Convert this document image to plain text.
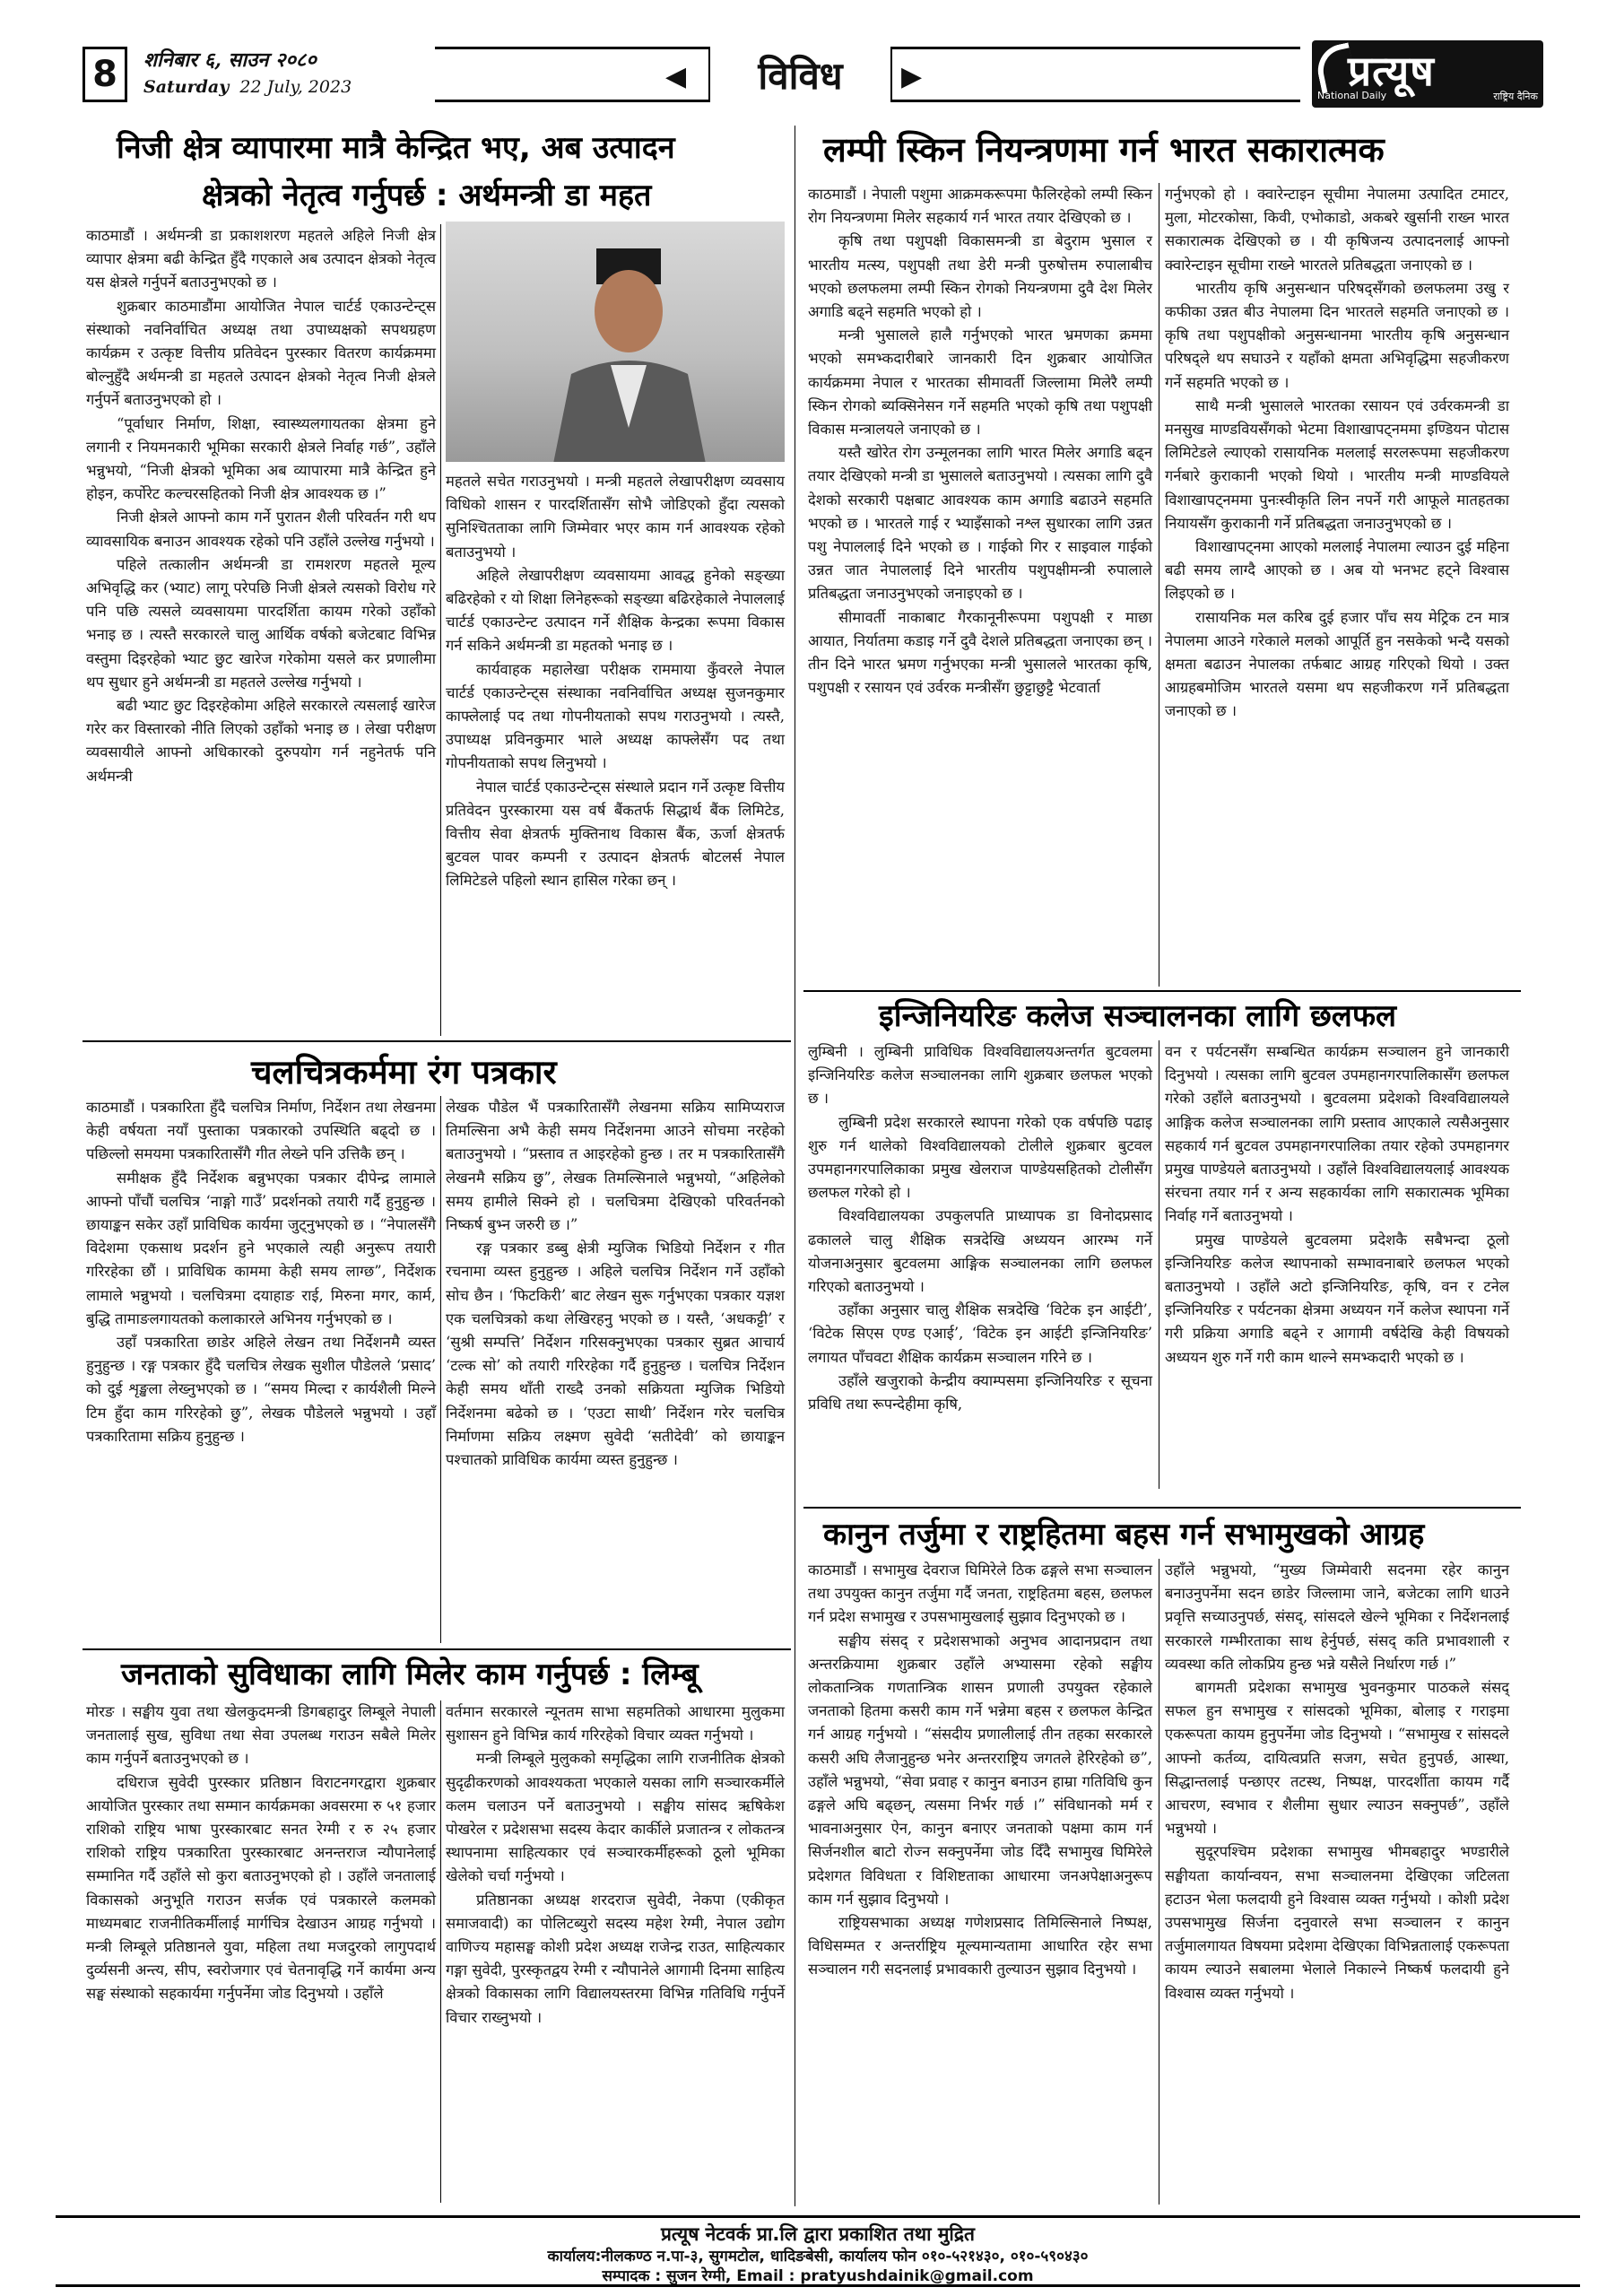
8	शनिबार ६, साउन २०८०
Saturday 22 July, 2023	◀	विविध	▶	प्रत्यूष
National Daily	राष्ट्रिय दैनिक
निजी क्षेत्र व्यापारमा मात्रै केन्द्रित भए, अब उत्पादन
क्षेत्रको नेतृत्व गर्नुपर्छ : अर्थमन्त्री डा महत

काठमाडौं । अर्थमन्त्री डा प्रकाशशरण महतले अहिले निजी क्षेत्र व्यापार क्षेत्रमा बढी केन्द्रित हुँदै गएकाले अब उत्पादन क्षेत्रको नेतृत्व यस क्षेत्रले गर्नुपर्ने बताउनुभएको छ ।

शुक्रबार काठमाडौंमा आयोजित नेपाल चार्टर्ड एकाउन्टेन्ट्स संस्थाको नवनिर्वाचित अध्यक्ष तथा उपाध्यक्षको सपथग्रहण कार्यक्रम र उत्कृष्ट वित्तीय प्रतिवेदन पुरस्कार वितरण कार्यक्रममा बोल्नुहुँदै अर्थमन्त्री डा महतले उत्पादन क्षेत्रको नेतृत्व निजी क्षेत्रले गर्नुपर्ने बताउनुभएको हो ।

“पूर्वाधार निर्माण, शिक्षा, स्वास्थ्यलगायतका क्षेत्रमा हुने लगानी र नियमनकारी भूमिका सरकारी क्षेत्रले निर्वाह गर्छ”, उहाँले भन्नुभयो, “निजी क्षेत्रको भूमिका अब व्यापारमा मात्रै केन्द्रित हुने होइन, कर्पोरेट कल्चरसहितको निजी क्षेत्र आवश्यक छ ।”

निजी क्षेत्रले आफ्नो काम गर्ने पुरातन शैली परिवर्तन गरी थप व्यावसायिक बनाउन आवश्यक रहेको पनि उहाँले उल्लेख गर्नुभयो ।

पहिले तत्कालीन अर्थमन्त्री डा रामशरण महतले मूल्य अभिवृद्धि कर (भ्याट) लागू परेपछि निजी क्षेत्रले त्यसको विरोध गरे पनि पछि त्यसले व्यवसायमा पारदर्शिता कायम गरेको उहाँको भनाइ छ । त्यस्तै सरकारले चालु आर्थिक वर्षको बजेटबाट विभिन्न वस्तुमा दिइरहेको भ्याट छुट खारेज गरेकोमा यसले कर प्रणालीमा थप सुधार हुने अर्थमन्त्री डा महतले उल्लेख गर्नुभयो ।

बढी भ्याट छुट दिइरहेकोमा अहिले सरकारले त्यसलाई खारेज गरेर कर विस्तारको नीति लिएको उहाँको भनाइ छ । लेखा परीक्षण व्यवसायीले आफ्नो अधिकारको दुरुपयोग गर्न नहुनेतर्फ पनि अर्थमन्त्री

महतले सचेत गराउनुभयो । मन्त्री महतले लेखापरीक्षण व्यवसाय विधिको शासन र पारदर्शितासँग सोभै जोडिएको हुँदा त्यसको सुनिश्चितताका लागि जिम्मेवार भएर काम गर्न आवश्यक रहेको बताउनुभयो ।

अहिले लेखापरीक्षण व्यवसायमा आवद्ध हुनेको सङ्ख्या बढिरहेको र यो शिक्षा लिनेहरूको सङ्ख्या बढिरहेकाले नेपाललाई चार्टर्ड एकाउन्टेन्ट उत्पादन गर्ने शैक्षिक केन्द्रका रूपमा विकास गर्न सकिने अर्थमन्त्री डा महतको भनाइ छ ।

कार्यवाहक महालेखा परीक्षक राममाया कुँवरले नेपाल चार्टर्ड एकाउन्टेन्ट्स संस्थाका नवनिर्वाचित अध्यक्ष सुजनकुमार काफ्लेलाई पद तथा गोपनीयताको सपथ गराउनुभयो । त्यस्तै, उपाध्यक्ष प्रविनकुमार भाले अध्यक्ष काफ्लेसँग पद तथा गोपनीयताको सपथ लिनुभयो ।

नेपाल चार्टर्ड एकाउन्टेन्ट्स संस्थाले प्रदान गर्ने उत्कृष्ट वित्तीय प्रतिवेदन पुरस्कारमा यस वर्ष बैंकतर्फ सिद्धार्थ बैंक लिमिटेड, वित्तीय सेवा क्षेत्रतर्फ मुक्तिनाथ विकास बैंक, ऊर्जा क्षेत्रतर्फ बुटवल पावर कम्पनी र उत्पादन क्षेत्रतर्फ बोटलर्स नेपाल लिमिटेडले पहिलो स्थान हासिल गरेका छन् ।

चलचित्रकर्ममा रंग पत्रकार

काठमाडौं । पत्रकारिता हुँदै चलचित्र निर्माण, निर्देशन तथा लेखनमा केही वर्षयता नयाँ पुस्ताका पत्रकारको उपस्थिति बढ्दो छ । पछिल्लो समयमा पत्रकारितासँगै गीत लेख्ने पनि उत्तिकै छन् ।

समीक्षक हुँदै निर्देशक बन्नुभएका पत्रकार दीपेन्द्र लामाले आफ्नो पाँचौं चलचित्र ‘नाङ्गो गाउँ’ प्रदर्शनको तयारी गर्दै हुनुहुन्छ । छायाङ्कन सकेर उहाँ प्राविधिक कार्यमा जुट्नुभएको छ । “नेपालसँगै विदेशमा एकसाथ प्रदर्शन हुने भएकाले त्यही अनुरूप तयारी गरिरहेका छौं । प्राविधिक काममा केही समय लाग्छ”, निर्देशक लामाले भन्नुभयो । चलचित्रमा दयाहाङ राई, मिरुना मगर, कार्म, बुद्धि तामाङलगायतको कलाकारले अभिनय गर्नुभएको छ ।

उहाँ पत्रकारिता छाडेर अहिले लेखन तथा निर्देशनमै व्यस्त हुनुहुन्छ । रङ्ग पत्रकार हुँदै चलचित्र लेखक सुशील पौडेलले ‘प्रसाद’ को दुई शृङ्खला लेख्नुभएको छ । “समय मिल्दा र कार्यशैली मिल्ने टिम हुँदा काम गरिरहेको छु”, लेखक पौडेलले भन्नुभयो । उहाँ पत्रकारितामा सक्रिय हुनुहुन्छ ।

लेखक पौडेल भैं पत्रकारितासँगै लेखनमा सक्रिय सामिप्यराज तिमल्सिना अभै केही समय निर्देशनमा आउने सोचमा नरहेको बताउनुभयो । “प्रस्ताव त आइरहेको हुन्छ । तर म पत्रकारितासँगै लेखनमै सक्रिय छु”, लेखक तिमल्सिनाले भन्नुभयो, “अहिलेको समय हामीले सिक्ने हो । चलचित्रमा देखिएको परिवर्तनको निष्कर्ष बुभ्न जरुरी छ ।”

रङ्ग पत्रकार डब्बु क्षेत्री म्युजिक भिडियो निर्देशन र गीत रचनामा व्यस्त हुनुहुन्छ । अहिले चलचित्र निर्देशन गर्ने उहाँको सोच छैन । ‘फिटकिरी’ बाट लेखन सुरू गर्नुभएका पत्रकार यज्ञश एक चलचित्रको कथा लेखिरहनु भएको छ । यस्तै, ‘अधकट्टी’ र ‘सुश्री सम्पत्ति’ निर्देशन गरिसक्नुभएका पत्रकार सुब्रत आचार्य ‘टल्क सो’ को तयारी गरिरहेका गर्दै हुनुहुन्छ । चलचित्र निर्देशन केही समय थाँती राख्दै उनको सक्रियता म्युजिक भिडियो निर्देशनमा बढेको छ । ‘एउटा साथी’ निर्देशन गरेर चलचित्र निर्माणमा सक्रिय लक्ष्मण सुवेदी ‘सतीदेवी’ को छायाङ्कन पश्चातको प्राविधिक कार्यमा व्यस्त हुनुहुन्छ ।

जनताको सुविधाका लागि मिलेर काम गर्नुपर्छ : लिम्बू

मोरङ । सङ्घीय युवा तथा खेलकुदमन्त्री डिगबहादुर लिम्बूले नेपाली जनतालाई सुख, सुविधा तथा सेवा उपलब्ध गराउन सबैले मिलेर काम गर्नुपर्ने बताउनुभएको छ ।

दधिराज सुवेदी पुरस्कार प्रतिष्ठान विराटनगरद्वारा शुक्रबार आयोजित पुरस्कार तथा सम्मान कार्यक्रमका अवसरमा रु ५१ हजार राशिको राष्ट्रिय भाषा पुरस्कारबाट सनत रेग्मी र रु २५ हजार राशिको राष्ट्रिय पत्रकारिता पुरस्कारबाट अनन्तराज न्यौपानेलाई सम्मानित गर्दै उहाँले सो कुरा बताउनुभएको हो । उहाँले जनतालाई विकासको अनुभूति गराउन सर्जक एवं पत्रकारले कलमको माध्यमबाट राजनीतिकर्मीलाई मार्गचित्र देखाउन आग्रह गर्नुभयो । मन्त्री लिम्बूले प्रतिष्ठानले युवा, महिला तथा मजदुरको लागुपदार्थ दुर्व्यसनी अन्त्य, सीप, स्वरोजगार एवं चेतनावृद्धि गर्ने कार्यमा अन्य सङ्घ संस्थाको सहकार्यमा गर्नुपर्नेमा जोड दिनुभयो । उहाँले

वर्तमान सरकारले न्यूनतम साभा सहमतिको आधारमा मुलुकमा सुशासन हुने विभिन्न कार्य गरिरहेको विचार व्यक्त गर्नुभयो ।

मन्त्री लिम्बूले मुलुकको समृद्धिका लागि राजनीतिक क्षेत्रको सुदृढीकरणको आवश्यकता भएकाले यसका लागि सञ्चारकर्मीले कलम चलाउन पर्ने बताउनुभयो । सङ्घीय सांसद ऋषिकेश पोखरेल र प्रदेशसभा सदस्य केदार कार्कीले प्रजातन्त्र र लोकतन्त्र स्थापनामा साहित्यकार एवं सञ्चारकर्मीहरूको ठूलो भूमिका खेलेको चर्चा गर्नुभयो ।

प्रतिष्ठानका अध्यक्ष शरदराज सुवेदी, नेकपा (एकीकृत समाजवादी) का पोलिटब्युरो सदस्य महेश रेग्मी, नेपाल उद्योग वाणिज्य महासङ्घ कोशी प्रदेश अध्यक्ष राजेन्द्र राउत, साहित्यकार गङ्गा सुवेदी, पुरस्कृतद्वय रेग्मी र न्यौपानेले आगामी दिनमा साहित्य क्षेत्रको विकासका लागि विद्यालयस्तरमा विभिन्न गतिविधि गर्नुपर्ने विचार राख्नुभयो ।

लम्पी स्किन नियन्त्रणमा गर्न भारत सकारात्मक

काठमाडौं । नेपाली पशुमा आक्रमकरूपमा फैलिरहेको लम्पी स्किन रोग नियन्त्रणमा मिलेर सहकार्य गर्न भारत तयार देखिएको छ ।

कृषि तथा पशुपक्षी विकासमन्त्री डा बेदुराम भुसाल र भारतीय मत्स्य, पशुपक्षी तथा डेरी मन्त्री पुरुषोत्तम रुपालाबीच भएको छलफलमा लम्पी स्किन रोगको नियन्त्रणमा दुवै देश मिलेर अगाडि बढ्ने सहमति भएको हो ।

मन्त्री भुसालले हालै गर्नुभएको भारत भ्रमणका क्रममा भएको समभ्कदारीबारे जानकारी दिन शुक्रबार आयोजित कार्यक्रममा नेपाल र भारतका सीमावर्ती जिल्लामा मिलेरै लम्पी स्किन रोगको ब्यक्सिनेसन गर्ने सहमति भएको कृषि तथा पशुपक्षी विकास मन्त्रालयले जनाएको छ ।

यस्तै खोरेत रोग उन्मूलनका लागि भारत मिलेर अगाडि बढ्न तयार देखिएको मन्त्री डा भुसालले बताउनुभयो । त्यसका लागि दुवै देशको सरकारी पक्षबाट आवश्यक काम अगाडि बढाउने सहमति भएको छ । भारतले गाई र भ्याइँसाको नश्ल सुधारका लागि उन्नत पशु नेपाललाई दिने भएको छ । गाईको गिर र साइवाल गाईको उन्नत जात नेपाललाई दिने भारतीय पशुपक्षीमन्त्री रुपालाले प्रतिबद्धता जनाउनुभएको जनाइएको छ ।

सीमावर्ती नाकाबाट गैरकानूनीरूपमा पशुपक्षी र माछा आयात, निर्यातमा कडाइ गर्ने दुवै देशले प्रतिबद्धता जनाएका छन् । तीन दिने भारत भ्रमण गर्नुभएका मन्त्री भुसालले भारतका कृषि, पशुपक्षी र रसायन एवं उर्वरक मन्त्रीसँग छुट्टाछुट्टै भेटवार्ता

गर्नुभएको हो । क्वारेन्टाइन सूचीमा नेपालमा उत्पादित टमाटर, मुला, मोटरकोसा, किवी, एभोकाडो, अकबरे खुर्सानी राख्न भारत सकारात्मक देखिएको छ । यी कृषिजन्य उत्पादनलाई आफ्नो क्वारेन्टाइन सूचीमा राख्ने भारतले प्रतिबद्धता जनाएको छ ।

भारतीय कृषि अनुसन्धान परिषद्सँगको छलफलमा उखु र कफीका उन्नत बीउ नेपालमा दिन भारतले सहमति जनाएको छ । कृषि तथा पशुपक्षीको अनुसन्धानमा भारतीय कृषि अनुसन्धान परिषद्ले थप सघाउने र यहाँको क्षमता अभिवृद्धिमा सहजीकरण गर्ने सहमति भएको छ ।

साथै मन्त्री भुसालले भारतका रसायन एवं उर्वरकमन्त्री डा मनसुख माण्डवियसँगको भेटमा विशाखापट्नममा इण्डियन पोटास लिमिटेडले ल्याएको रासायनिक मललाई सरलरूपमा सहजीकरण गर्नबारे कुराकानी भएको थियो । भारतीय मन्त्री माण्डवियले विशाखापट्नममा पुनःस्वीकृति लिन नपर्ने गरी आफूले मातहतका नियायसँग कुराकानी गर्ने प्रतिबद्धता जनाउनुभएको छ ।

विशाखापट्नमा आएको मललाई नेपालमा ल्याउन दुई महिना बढी समय लाग्दै आएको छ । अब यो भनभट हट्ने विश्वास लिइएको छ ।

रासायनिक मल करिब दुई हजार पाँच सय मेट्रिक टन मात्र नेपालमा आउने गरेकाले मलको आपूर्ति हुन नसकेको भन्दै यसको क्षमता बढाउन नेपालका तर्फबाट आग्रह गरिएको थियो । उक्त आग्रहबमोजिम भारतले यसमा थप सहजीकरण गर्ने प्रतिबद्धता जनाएको छ ।

इन्जिनियरिङ कलेज सञ्चालनका लागि छलफल

लुम्बिनी । लुम्बिनी प्राविधिक विश्वविद्यालयअन्तर्गत बुटवलमा इन्जिनियरिङ कलेज सञ्चालनका लागि शुक्रबार छलफल भएको छ ।

लुम्बिनी प्रदेश सरकारले स्थापना गरेको एक वर्षपछि पढाइ शुरु गर्न थालेको विश्वविद्यालयको टोलीले शुक्रबार बुटवल उपमहानगरपालिकाका प्रमुख खेलराज पाण्डेयसहितको टोलीसँग छलफल गरेको हो ।

विश्वविद्यालयका उपकुलपति प्राध्यापक डा विनोदप्रसाद ढकालले चालु शैक्षिक सत्रदेखि अध्ययन आरम्भ गर्ने योजनाअनुसार बुटवलमा आङ्गिक सञ्चालनका लागि छलफल गरिएको बताउनुभयो ।

उहाँका अनुसार चालु शैक्षिक सत्रदेखि ‘विटेक इन आईटी’, ‘विटेक सिएस एण्ड एआई’, ‘विटेक इन आईटी इन्जिनियरिङ’ लगायत पाँचवटा शैक्षिक कार्यक्रम सञ्चालन गरिने छ ।

उहाँले खजुराको केन्द्रीय क्याम्पसमा इन्जिनियरिङ र सूचना प्रविधि तथा रूपन्देहीमा कृषि,

वन र पर्यटनसँग सम्बन्धित कार्यक्रम सञ्चालन हुने जानकारी दिनुभयो । त्यसका लागि बुटवल उपमहानगरपालिकासँग छलफल गरेको उहाँले बताउनुभयो । बुटवलमा प्रदेशको विश्वविद्यालयले आङ्गिक कलेज सञ्चालनका लागि प्रस्ताव आएकाले त्यसैअनुसार सहकार्य गर्न बुटवल उपमहानगरपालिका तयार रहेको उपमहानगर प्रमुख पाण्डेयले बताउनुभयो । उहाँले विश्वविद्यालयलाई आवश्यक संरचना तयार गर्न र अन्य सहकार्यका लागि सकारात्मक भूमिका निर्वाह गर्ने बताउनुभयो ।

प्रमुख पाण्डेयले बुटवलमा प्रदेशकै सबैभन्दा ठूलो इन्जिनियरिङ कलेज स्थापनाको सम्भावनाबारे छलफल भएको बताउनुभयो । उहाँले अटो इन्जिनियरिङ, कृषि, वन र टनेल इन्जिनियरिङ र पर्यटनका क्षेत्रमा अध्ययन गर्ने कलेज स्थापना गर्ने गरी प्रक्रिया अगाडि बढ्ने र आगामी वर्षदेखि केही विषयको अध्ययन शुरु गर्ने गरी काम थाल्ने समभ्कदारी भएको छ ।

कानुन तर्जुमा र राष्ट्रहितमा बहस गर्न सभामुखको आग्रह

काठमाडौं । सभामुख देवराज घिमिरेले ठिक ढङ्गले सभा सञ्चालन तथा उपयुक्त कानुन तर्जुमा गर्दै जनता, राष्ट्रहितमा बहस, छलफल गर्न प्रदेश सभामुख र उपसभामुखलाई सुझाव दिनुभएको छ ।

सङ्घीय संसद् र प्रदेशसभाको अनुभव आदानप्रदान तथा अन्तरक्रियामा शुक्रबार उहाँले अभ्यासमा रहेको सङ्घीय लोकतान्त्रिक गणतान्त्रिक शासन प्रणाली उपयुक्त रहेकाले जनताको हितमा कसरी काम गर्ने भन्नेमा बहस र छलफल केन्द्रित गर्न आग्रह गर्नुभयो । “संसदीय प्रणालीलाई तीन तहका सरकारले कसरी अघि लैजानुहुन्छ भनेर अन्तरराष्ट्रिय जगतले हेरिरहेको छ”, उहाँले भन्नुभयो, “सेवा प्रवाह र कानुन बनाउन हाम्रा गतिविधि कुन ढङ्गले अघि बढ्छन्, त्यसमा निर्भर गर्छ ।” संविधानको मर्म र भावनाअनुसार ऐन, कानुन बनाएर जनताको पक्षमा काम गर्न सिर्जनशील बाटो रोज्न सक्नुपर्नेमा जोड दिँदै सभामुख घिमिरेले प्रदेशगत विविधता र विशिष्टताका आधारमा जनअपेक्षाअनुरूप काम गर्न सुझाव दिनुभयो ।

राष्ट्रियसभाका अध्यक्ष गणेशप्रसाद तिमिल्सिनाले निष्पक्ष, विधिसम्मत र अन्तर्राष्ट्रिय मूल्यमान्यतामा आधारित रहेर सभा सञ्चालन गरी सदनलाई प्रभावकारी तुल्याउन सुझाव दिनुभयो ।

उहाँले भन्नुभयो, “मुख्य जिम्मेवारी सदनमा रहेर कानुन बनाउनुपर्नेमा सदन छाडेर जिल्लामा जाने, बजेटका लागि धाउने प्रवृत्ति सच्याउनुपर्छ, संसद्, सांसदले खेल्ने भूमिका र निर्देशनलाई सरकारले गम्भीरताका साथ हेर्नुपर्छ, संसद् कति प्रभावशाली र व्यवस्था कति लोकप्रिय हुन्छ भन्ने यसैले निर्धारण गर्छ ।”

बागमती प्रदेशका सभामुख भुवनकुमार पाठकले संसद् सफल हुन सभामुख र सांसदको भूमिका, बोलाइ र गराइमा एकरूपता कायम हुनुपर्नेमा जोड दिनुभयो । “सभामुख र सांसदले आफ्नो कर्तव्य, दायित्वप्रति सजग, सचेत हुनुपर्छ, आस्था, सिद्धान्तलाई पन्छाएर तटस्थ, निष्पक्ष, पारदर्शीता कायम गर्दै आचरण, स्वभाव र शैलीमा सुधार ल्याउन सक्नुपर्छ”, उहाँले भन्नुभयो ।

सुदूरपश्चिम प्रदेशका सभामुख भीमबहादुर भण्डारीले सङ्घीयता कार्यान्वयन, सभा सञ्चालनमा देखिएका जटिलता हटाउन भेला फलदायी हुने विश्वास व्यक्त गर्नुभयो । कोशी प्रदेश उपसभामुख सिर्जना दनुवारले सभा सञ्चालन र कानुन तर्जुमालगायत विषयमा प्रदेशमा देखिएका विभिन्नतालाई एकरूपता कायम ल्याउने सबालमा भेलाले निकाल्ने निष्कर्ष फलदायी हुने विश्वास व्यक्त गर्नुभयो ।

प्रत्यूष नेटवर्क प्रा.लि द्वारा प्रकाशित तथा मुद्रित
कार्यालय:नीलकण्ठ न.पा-३, सुगमटोल, धादिङबेसी, कार्यालय फोन ०१०-५२१४३०, ०१०-५९०४३०
सम्पादक : सुजन रेग्मी, Email : pratyushdainik@gmail.com
